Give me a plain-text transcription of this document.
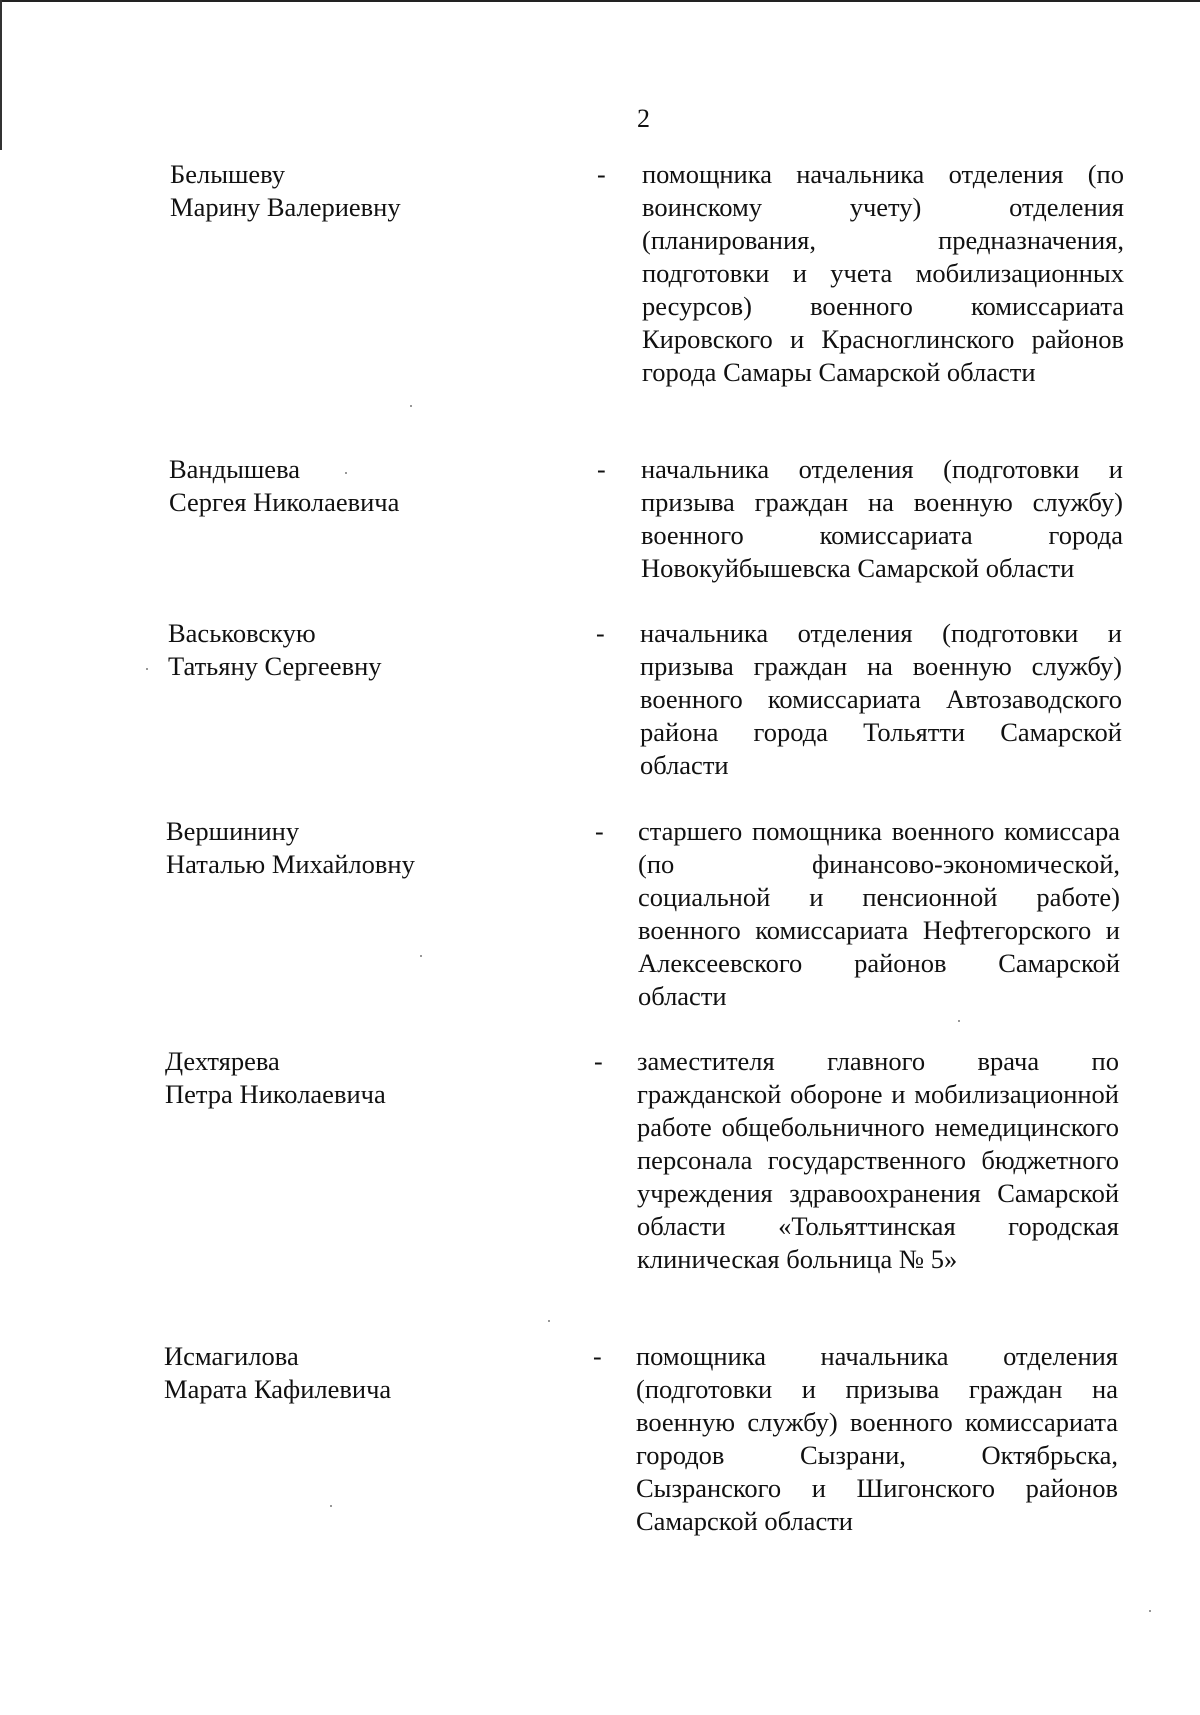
2
Белышеву
Марину Валериевну
- помощника начальника отделения (по воинскому учету) отделения (планирования, предназначения, подготовки и учета мобилизационных ресурсов) военного комиссариата Кировского и Красноглинского районов города Самары Самарской области
Вандышева
Сергея Николаевича
- начальника отделения (подготовки и призыва граждан на военную службу) военного комиссариата города Новокуйбышевска Самарской области
Васьковскую
Татьяну Сергеевну
- начальника отделения (подготовки и призыва граждан на военную службу) военного комиссариата Автозаводского района города Тольятти Самарской области
Вершинину
Наталью Михайловну
- старшего помощника военного комиссара (по финансово-экономической, социальной и пенсионной работе) военного комиссариата Нефтегорского и Алексеевского районов Самарской области
Дехтярева
Петра Николаевича
- заместителя главного врача по гражданской обороне и мобилизационной работе общебольничного немедицинского персонала государственного бюджетного учреждения здравоохранения Самарской области «Тольяттинская городская клиническая больница № 5»
Исмагилова
Марата Кафилевича
- помощника начальника отделения (подготовки и призыва граждан на военную службу) военного комиссариата городов Сызрани, Октябрьска, Сызранского и Шигонского районов Самарской области
